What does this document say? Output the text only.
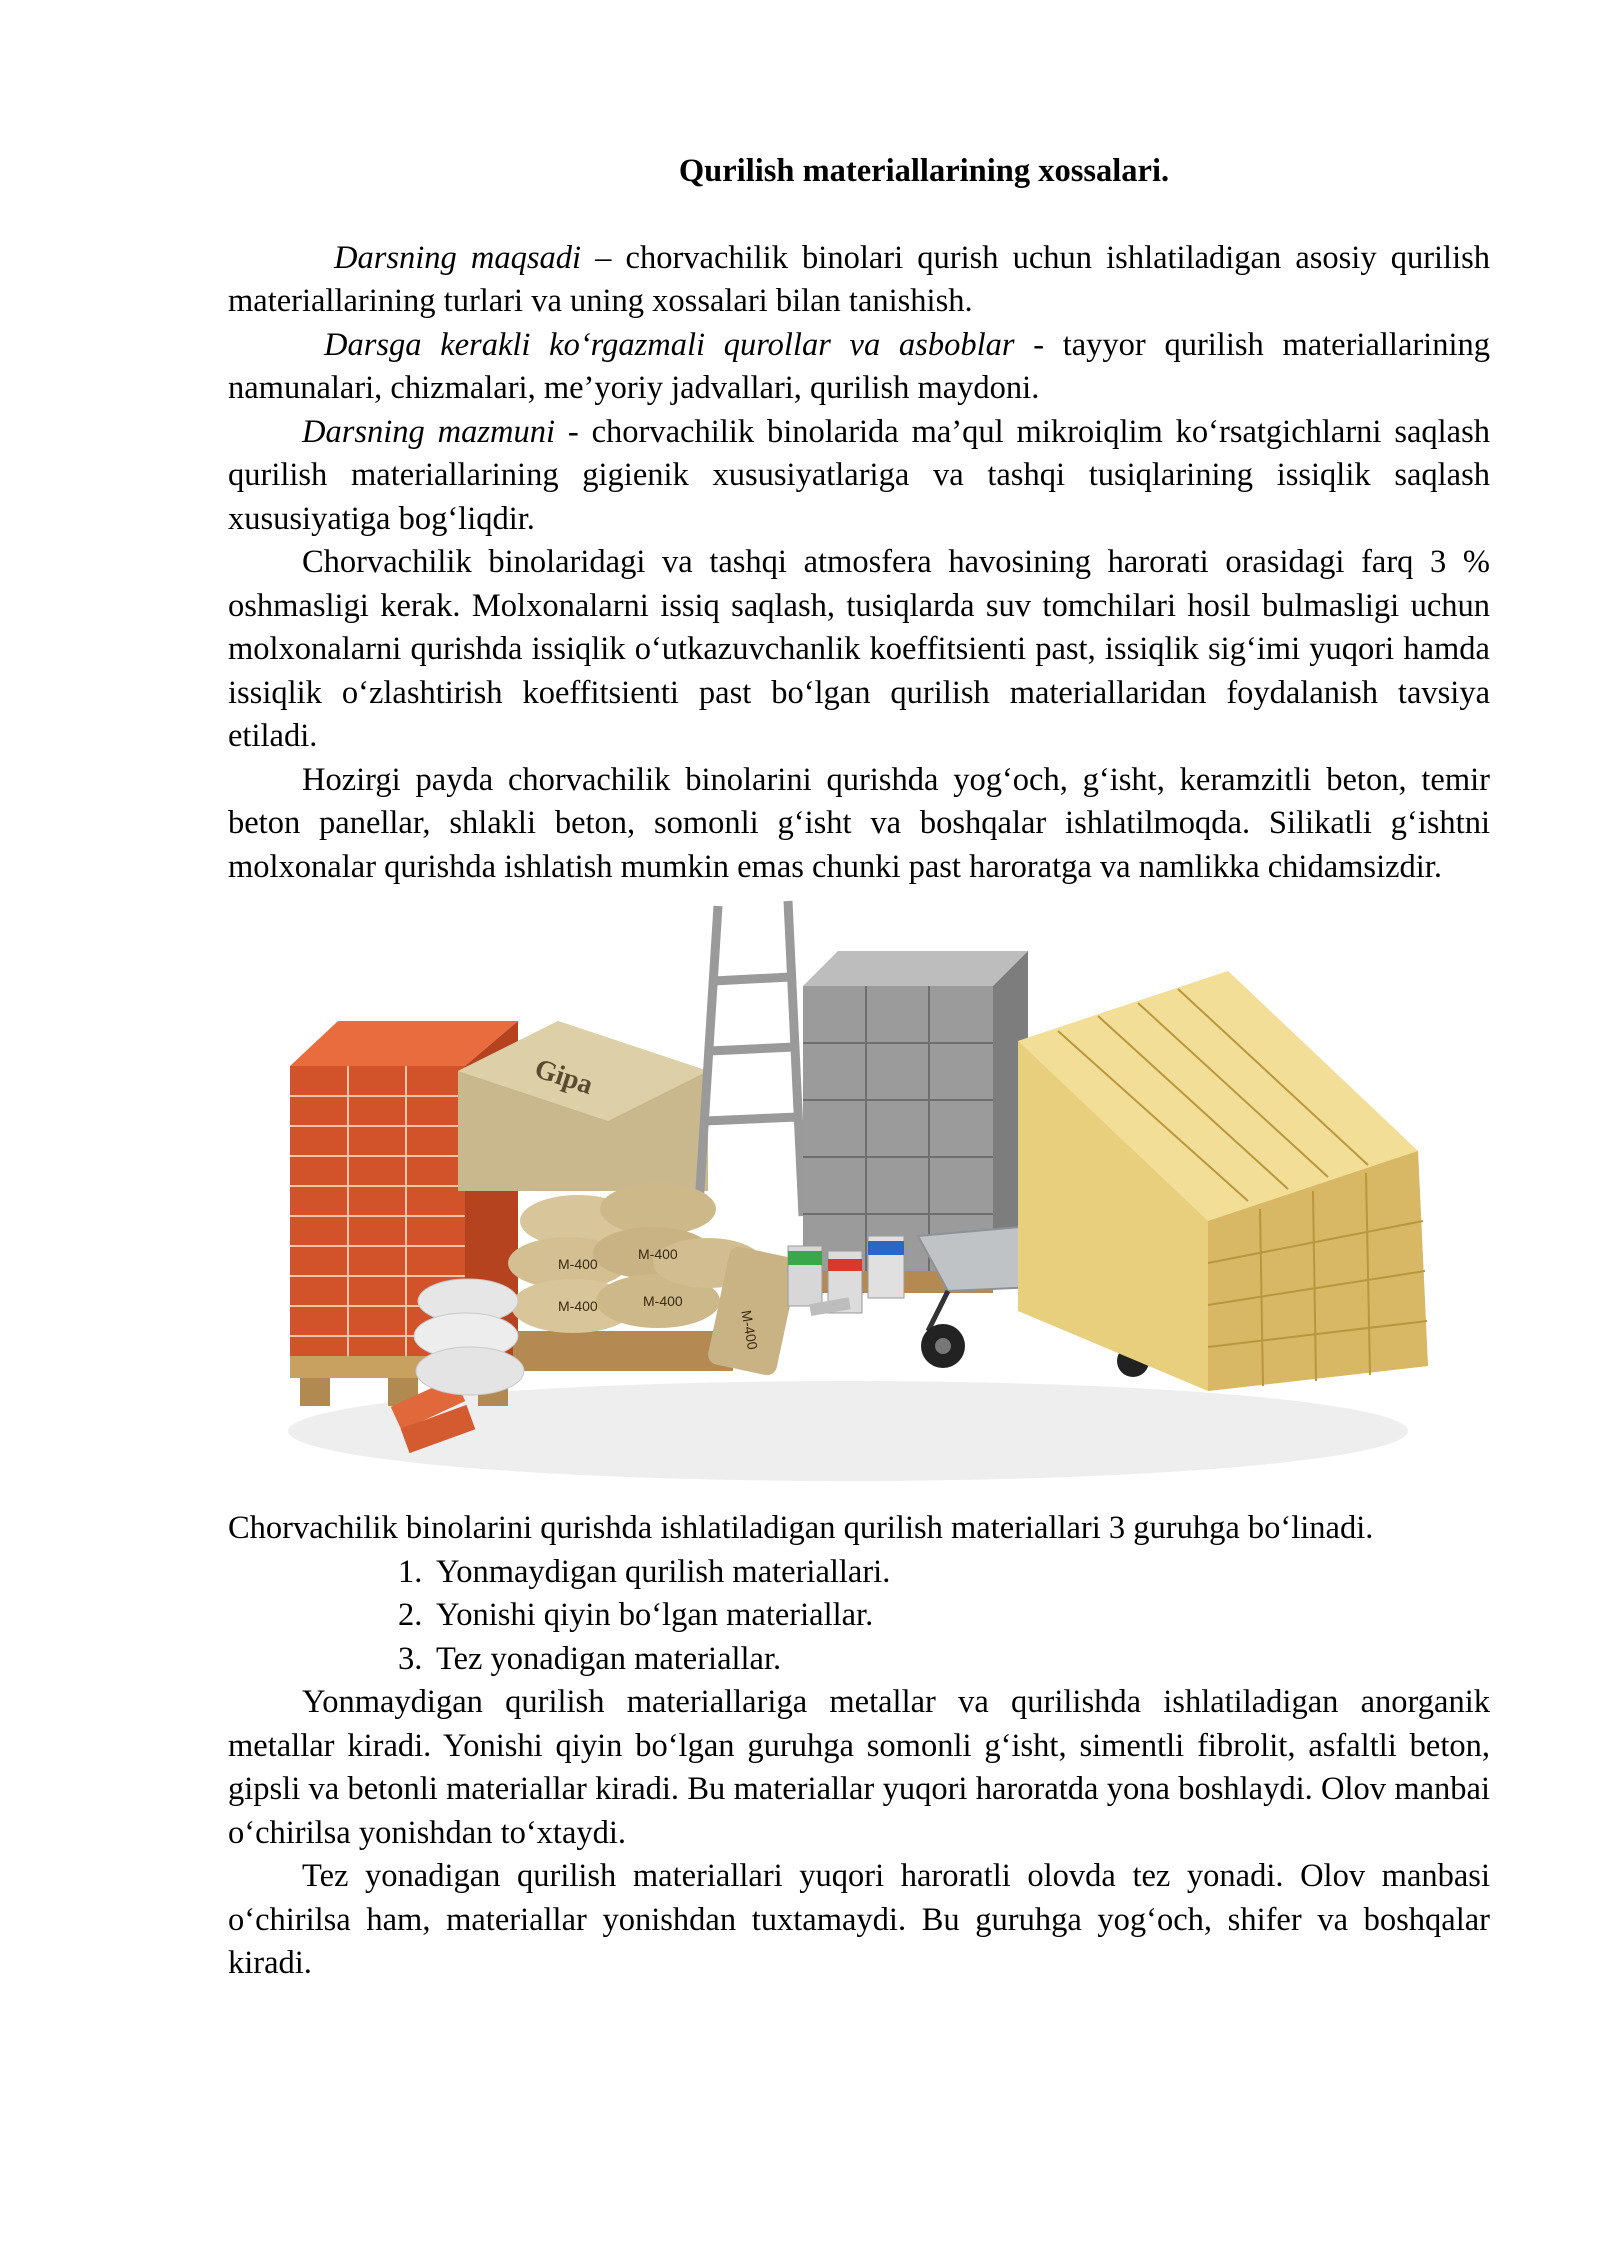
Qurilish materiallarining xossalari.

Darsning maqsadi – chorvachilik binolari qurish uchun ishlatiladigan asosiy qurilish materiallarining turlari va uning xossalari bilan tanishish.

Darsga kerakli ko‘rgazmali qurollar va asboblar - tayyor qurilish materiallarining namunalari, chizmalari, me’yoriy jadvallari, qurilish maydoni.

Darsning mazmuni - chorvachilik binolarida ma’qul mikroiqlim ko‘rsatgichlarni saqlash qurilish materiallarining gigienik xususiyatlariga va tashqi tusiqlarining issiqlik saqlash xususiyatiga bog‘liqdir.

Chorvachilik binolaridagi va tashqi atmosfera havosining harorati orasidagi farq 3 % oshmasligi kerak. Molxonalarni issiq saqlash, tusiqlarda suv tomchilari hosil bulmasligi uchun molxonalarni qurishda issiqlik o‘utkazuvchanlik koeffitsienti past, issiqlik sig‘imi yuqori hamda issiqlik o‘zlashtirish koeffitsienti past bo‘lgan qurilish materiallaridan foydalanish tavsiya etiladi.

Hozirgi payda chorvachilik binolarini qurishda yog‘och, g‘isht, keramzitli beton, temir beton panellar, shlakli beton, somonli g‘isht va boshqalar ishlatilmoqda. Silikatli g‘ishtni molxonalar qurishda ishlatish mumkin emas chunki past haroratga va namlikka chidamsizdir.

Gipa
M-400
M-400
M-400	M-400
M-400

Chorvachilik binolarini qurishda ishlatiladigan qurilish materiallari 3 guruhga bo‘linadi.

1. Yonmaydigan qurilish materiallari.
2. Yonishi qiyin bo‘lgan materiallar.
3. Tez yonadigan materiallar.

Yonmaydigan qurilish materiallariga metallar va qurilishda ishlatiladigan anorganik metallar kiradi. Yonishi qiyin bo‘lgan guruhga somonli g‘isht, simentli fibrolit, asfaltli beton, gipsli va betonli materiallar kiradi. Bu materiallar yuqori haroratda yona boshlaydi. Olov manbai o‘chirilsa yonishdan to‘xtaydi.

Tez yonadigan qurilish materiallari yuqori haroratli olovda tez yonadi. Olov manbasi o‘chirilsa ham, materiallar yonishdan tuxtamaydi. Bu guruhga yog‘och, shifer va boshqalar kiradi.
